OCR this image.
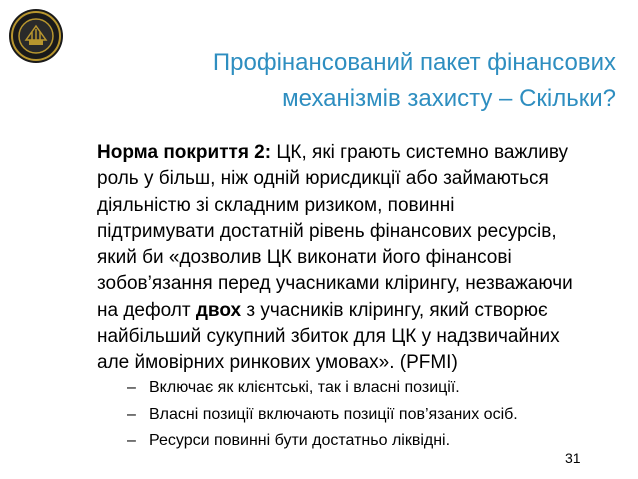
Профінансований пакет фінансових
механізмів захисту – Скільки?
Норма покриття 2: ЦК, які грають системно важливу
роль у більш, ніж одній юрисдикції або займаються
діяльністю зі складним ризиком, повинні
підтримувати достатній рівень фінансових ресурсів,
який би «дозволив ЦК виконати його фінансові
зобов’язання перед учасниками клірингу, незважаючи
на дефолт двох з учасників клірингу, який створює
найбільший сукупний збиток для ЦК у надзвичайних
але ймовірних ринкових умовах». (PFMI)
– Включає як клієнтські, так і власні позиції.
– Власні позиції включають позиції пов’язаних осіб.
– Ресурси повинні бути достатньо ліквідні.
31
